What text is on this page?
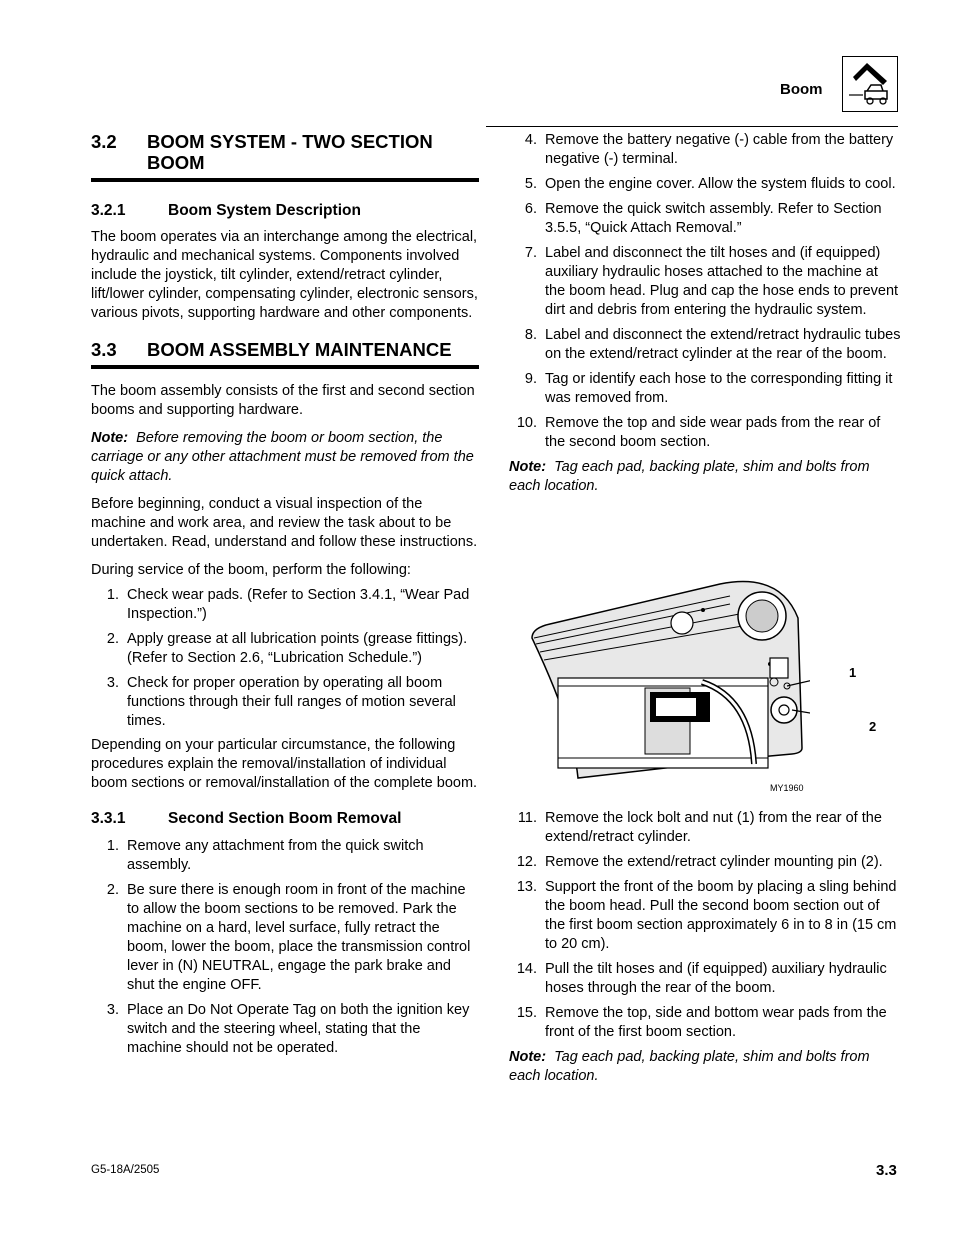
Boom
3.2	BOOM SYSTEM - TWO SECTION BOOM
3.2.1	Boom System Description

The boom operates via an interchange among the electrical, hydraulic and mechanical systems. Components involved include the joystick, tilt cylinder, extend/retract cylinder, lift/lower cylinder, compensating cylinder, electronic sensors, various pivots, supporting hardware and other components.

3.3	BOOM ASSEMBLY MAINTENANCE

The boom assembly consists of the first and second section booms and supporting hardware.

Note: Before removing the boom or boom section, the carriage or any other attachment must be removed from the quick attach.

Before beginning, conduct a visual inspection of the machine and work area, and review the task about to be undertaken. Read, understand and follow these instructions.

During service of the boom, perform the following:

1. Check wear pads. (Refer to Section 3.4.1, “Wear Pad Inspection.”)
2. Apply grease at all lubrication points (grease fittings). (Refer to Section 2.6, “Lubrication Schedule.”)
3. Check for proper operation by operating all boom functions through their full ranges of motion several times.

Depending on your particular circumstance, the following procedures explain the removal/installation of individual boom sections or removal/installation of the complete boom.

3.3.1	Second Section Boom Removal
1. Remove any attachment from the quick switch assembly.
2. Be sure there is enough room in front of the machine to allow the boom sections to be removed. Park the machine on a hard, level surface, fully retract the boom, lower the boom, place the transmission control lever in (N) NEUTRAL, engage the park brake and shut the engine OFF.
3. Place an Do Not Operate Tag on both the ignition key switch and the steering wheel, stating that the machine should not be operated.
4. Remove the battery negative (-) cable from the battery negative (-) terminal.
5. Open the engine cover. Allow the system fluids to cool.
6. Remove the quick switch assembly. Refer to Section 3.5.5, “Quick Attach Removal.”
7. Label and disconnect the tilt hoses and (if equipped) auxiliary hydraulic hoses attached to the machine at the boom head. Plug and cap the hose ends to prevent dirt and debris from entering the hydraulic system.
8. Label and disconnect the extend/retract hydraulic tubes on the extend/retract cylinder at the rear of the boom.
9. Tag or identify each hose to the corresponding fitting it was removed from.
10. Remove the top and side wear pads from the rear of the second boom section.

Note: Tag each pad, backing plate, shim and bolts from each location.

1
2
MY1960
11. Remove the lock bolt and nut (1) from the rear of the extend/retract cylinder.
12. Remove the extend/retract cylinder mounting pin (2).
13. Support the front of the boom by placing a sling behind the boom head. Pull the second boom section out of the first boom section approximately 6 in to 8 in (15 cm to 20 cm).
14. Pull the tilt hoses and (if equipped) auxiliary hydraulic hoses through the rear of the boom.
15. Remove the top, side and bottom wear pads from the front of the first boom section.

Note: Tag each pad, backing plate, shim and bolts from each location.

G5-18A/2505	3.3
